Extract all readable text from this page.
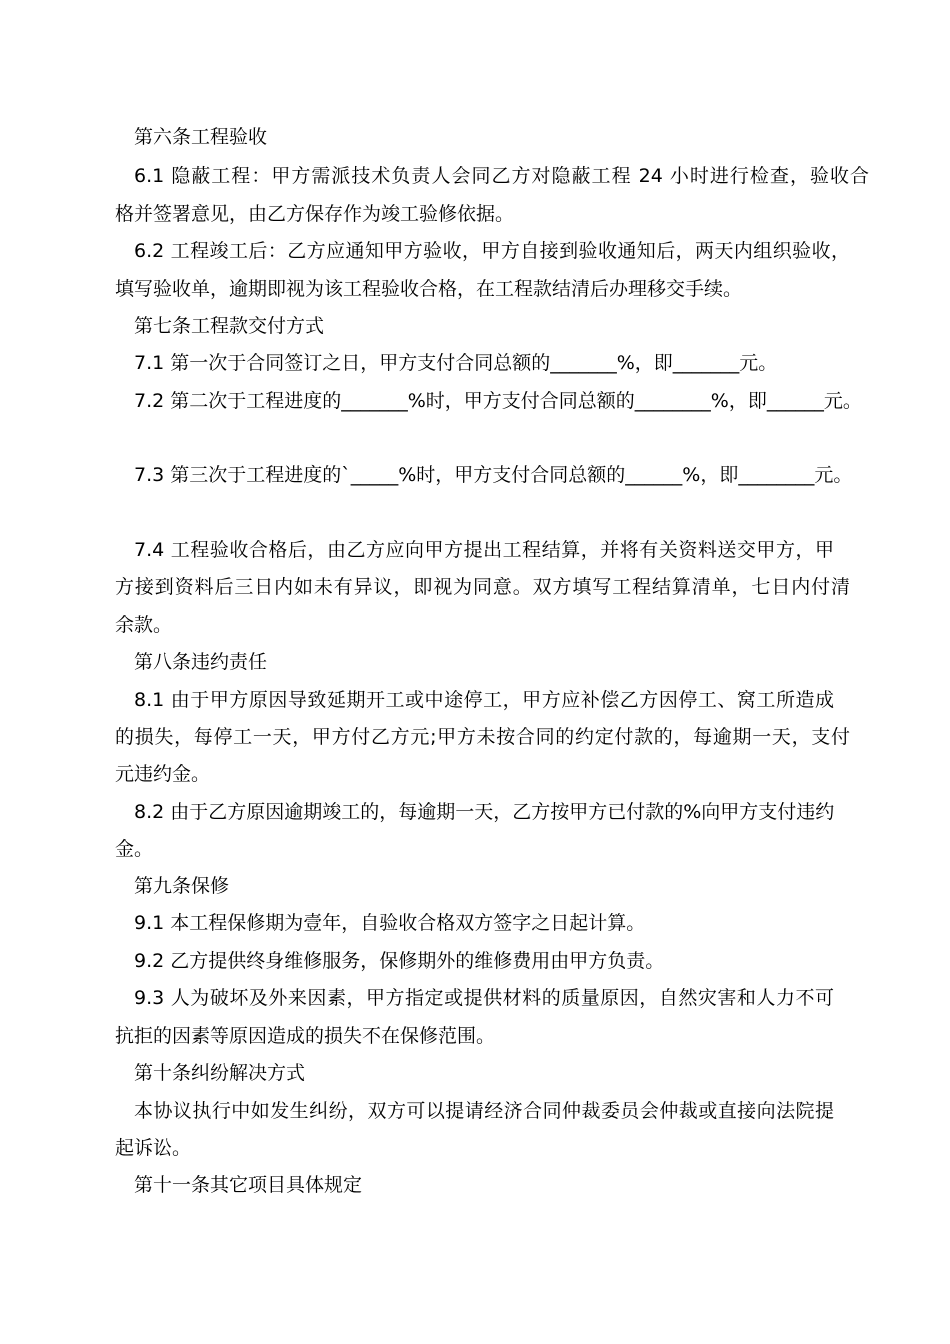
第六条工程验收
6.1 隐蔽工程：甲方需派技术负责人会同乙方对隐蔽工程 24 小时进行检查，验收合
格并签署意见，由乙方保存作为竣工验修依据。
6.2 工程竣工后：乙方应通知甲方验收，甲方自接到验收通知后，两天内组织验收，
填写验收单，逾期即视为该工程验收合格，在工程款结清后办理移交手续。
第七条工程款交付方式
7.1 第一次于合同签订之日，甲方支付合同总额的_______%，即_______元。
7.2 第二次于工程进度的_______%时，甲方支付合同总额的________%，即______元。
7.3 第三次于工程进度的`_____%时，甲方支付合同总额的______%，即________元。
7.4 工程验收合格后，由乙方应向甲方提出工程结算，并将有关资料送交甲方，甲
方接到资料后三日内如未有异议，即视为同意。双方填写工程结算清单，七日内付清
余款。
第八条违约责任
8.1 由于甲方原因导致延期开工或中途停工，甲方应补偿乙方因停工、窝工所造成
的损失，每停工一天，甲方付乙方元;甲方未按合同的约定付款的，每逾期一天，支付
元违约金。
8.2 由于乙方原因逾期竣工的，每逾期一天，乙方按甲方已付款的%向甲方支付违约
金。
第九条保修
9.1 本工程保修期为壹年，自验收合格双方签字之日起计算。
9.2 乙方提供终身维修服务，保修期外的维修费用由甲方负责。
9.3 人为破坏及外来因素，甲方指定或提供材料的质量原因，自然灾害和人力不可
抗拒的因素等原因造成的损失不在保修范围。
第十条纠纷解决方式
本协议执行中如发生纠纷，双方可以提请经济合同仲裁委员会仲裁或直接向法院提
起诉讼。
第十一条其它项目具体规定
